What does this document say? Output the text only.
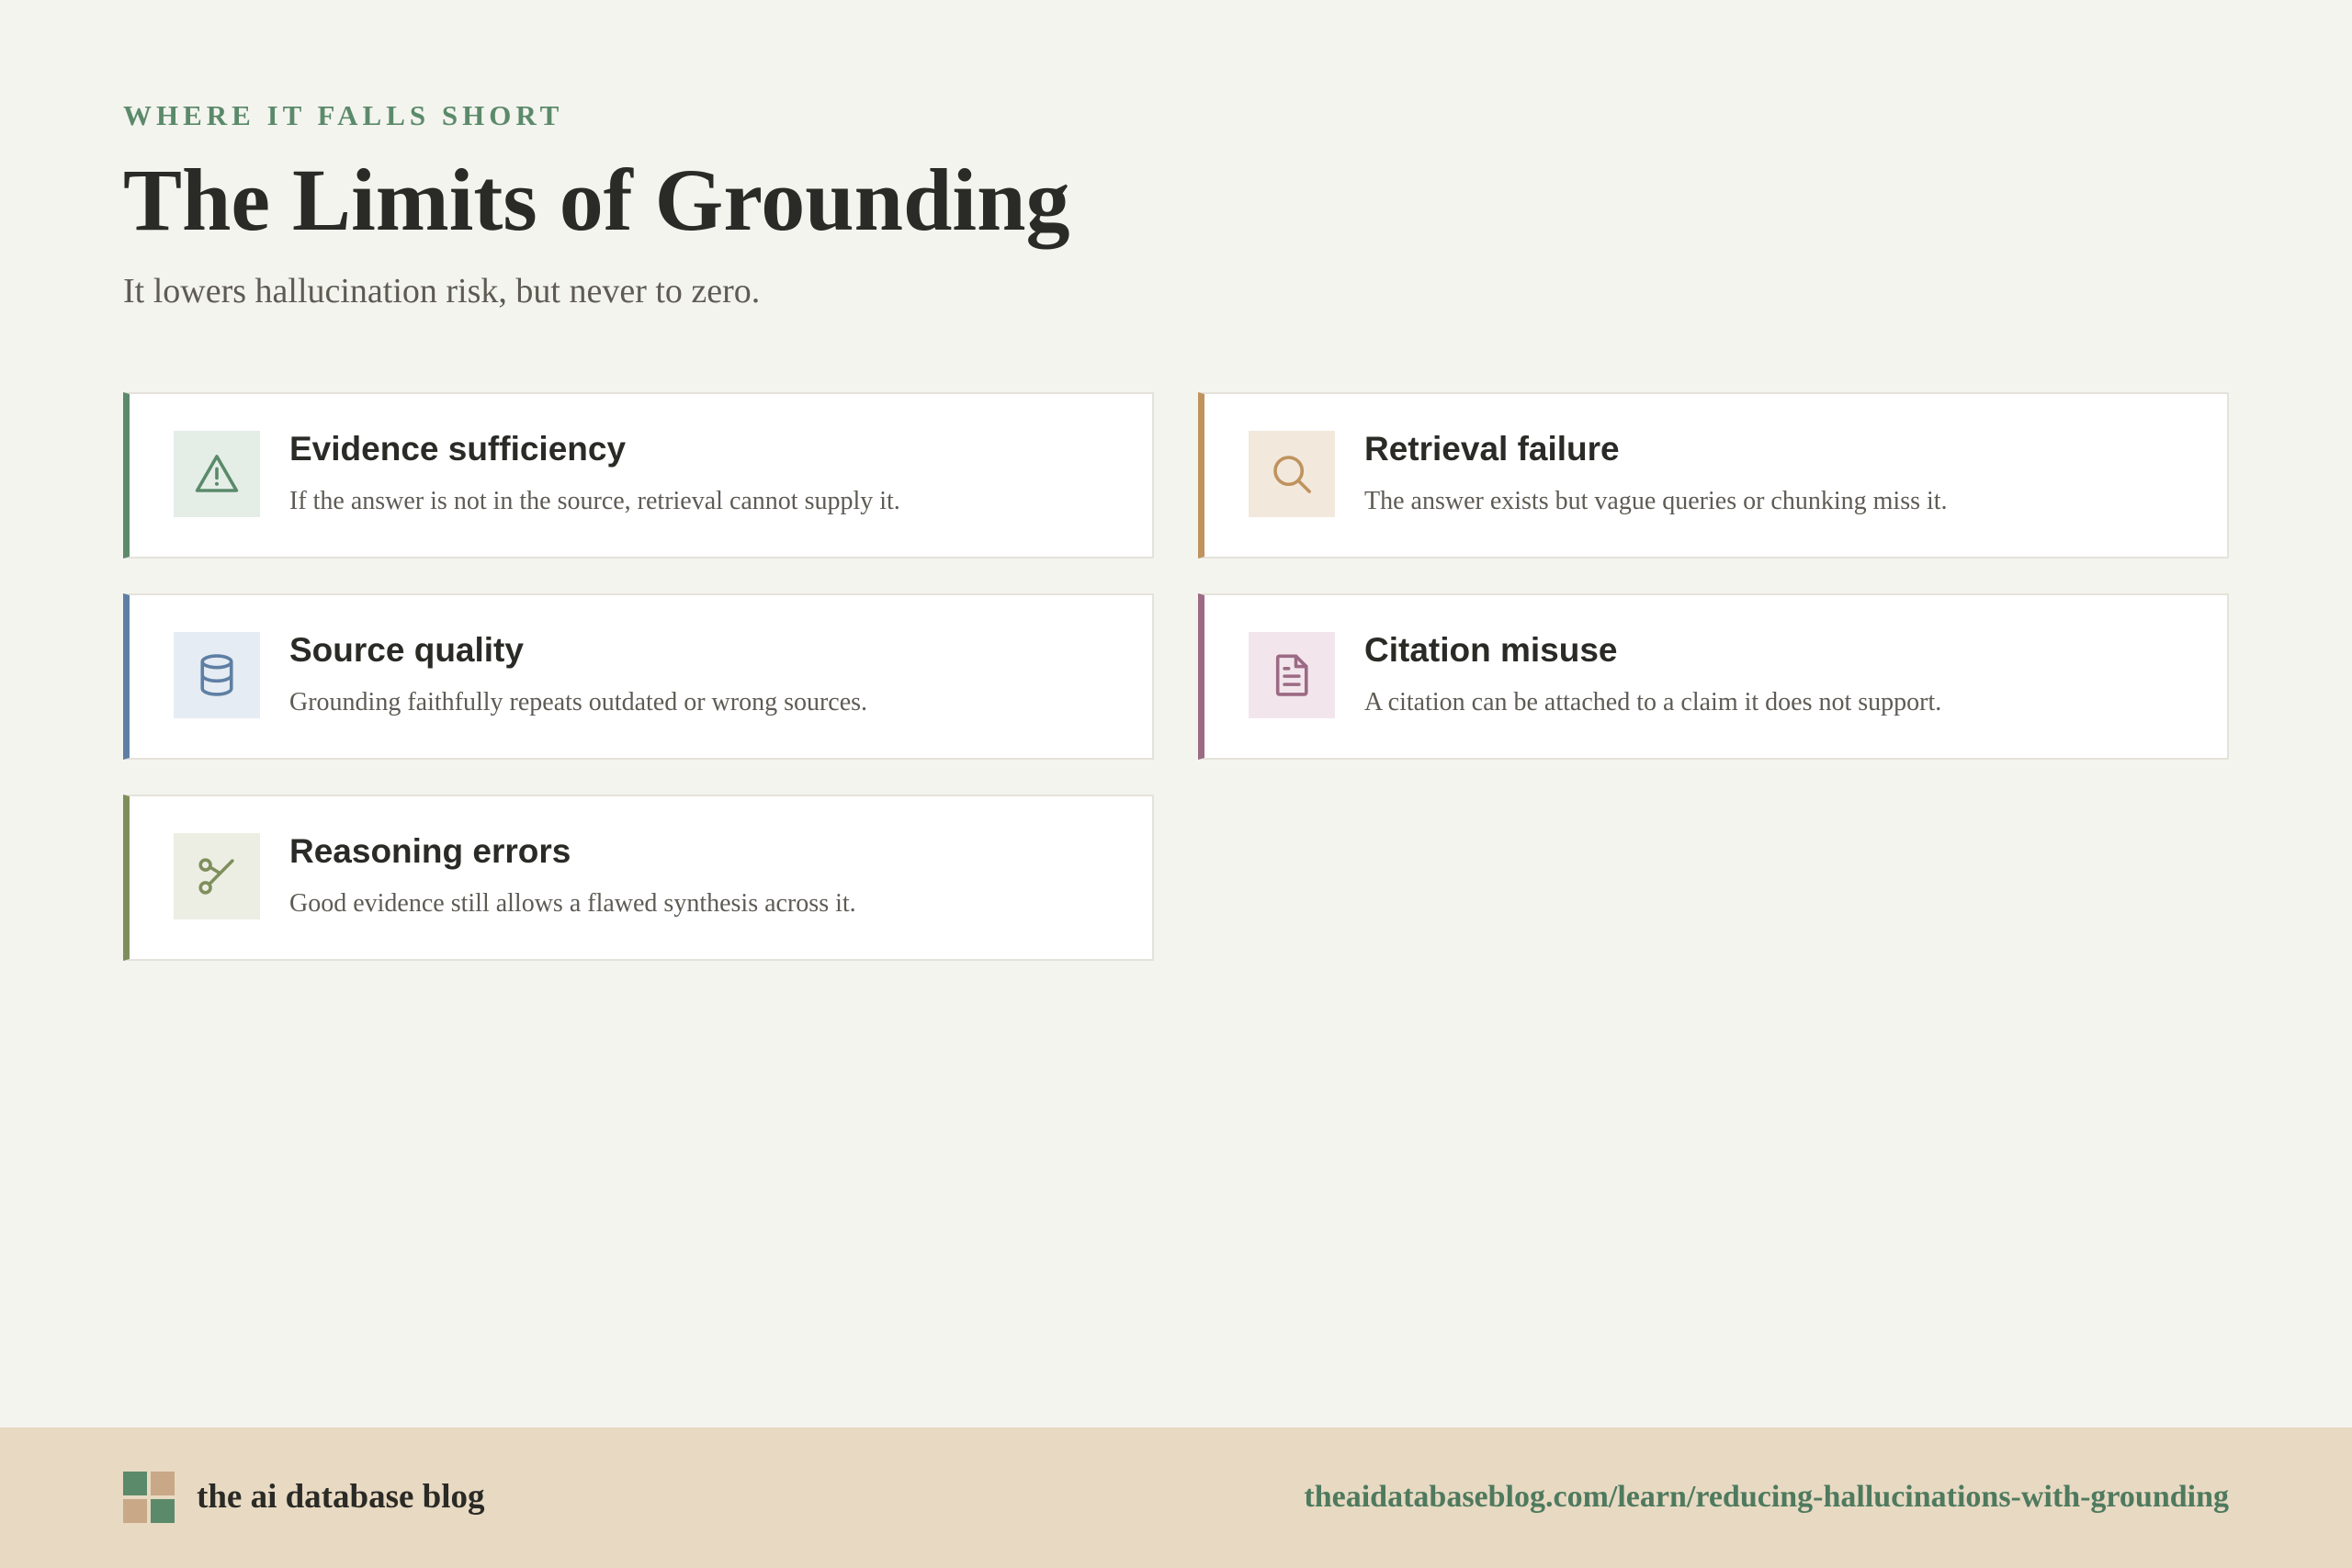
WHERE IT FALLS SHORT
The Limits of Grounding

It lowers hallucination risk, but never to zero.

Evidence sufficiency
If the answer is not in the source, retrieval cannot supply it.
Retrieval failure
The answer exists but vague queries or chunking miss it.
Source quality
Grounding faithfully repeats outdated or wrong sources.
Citation misuse
A citation can be attached to a claim it does not support.
Reasoning errors
Good evidence still allows a flawed synthesis across it.
the ai database blog	theaidatabaseblog.com/learn/reducing-hallucinations-with-grounding
